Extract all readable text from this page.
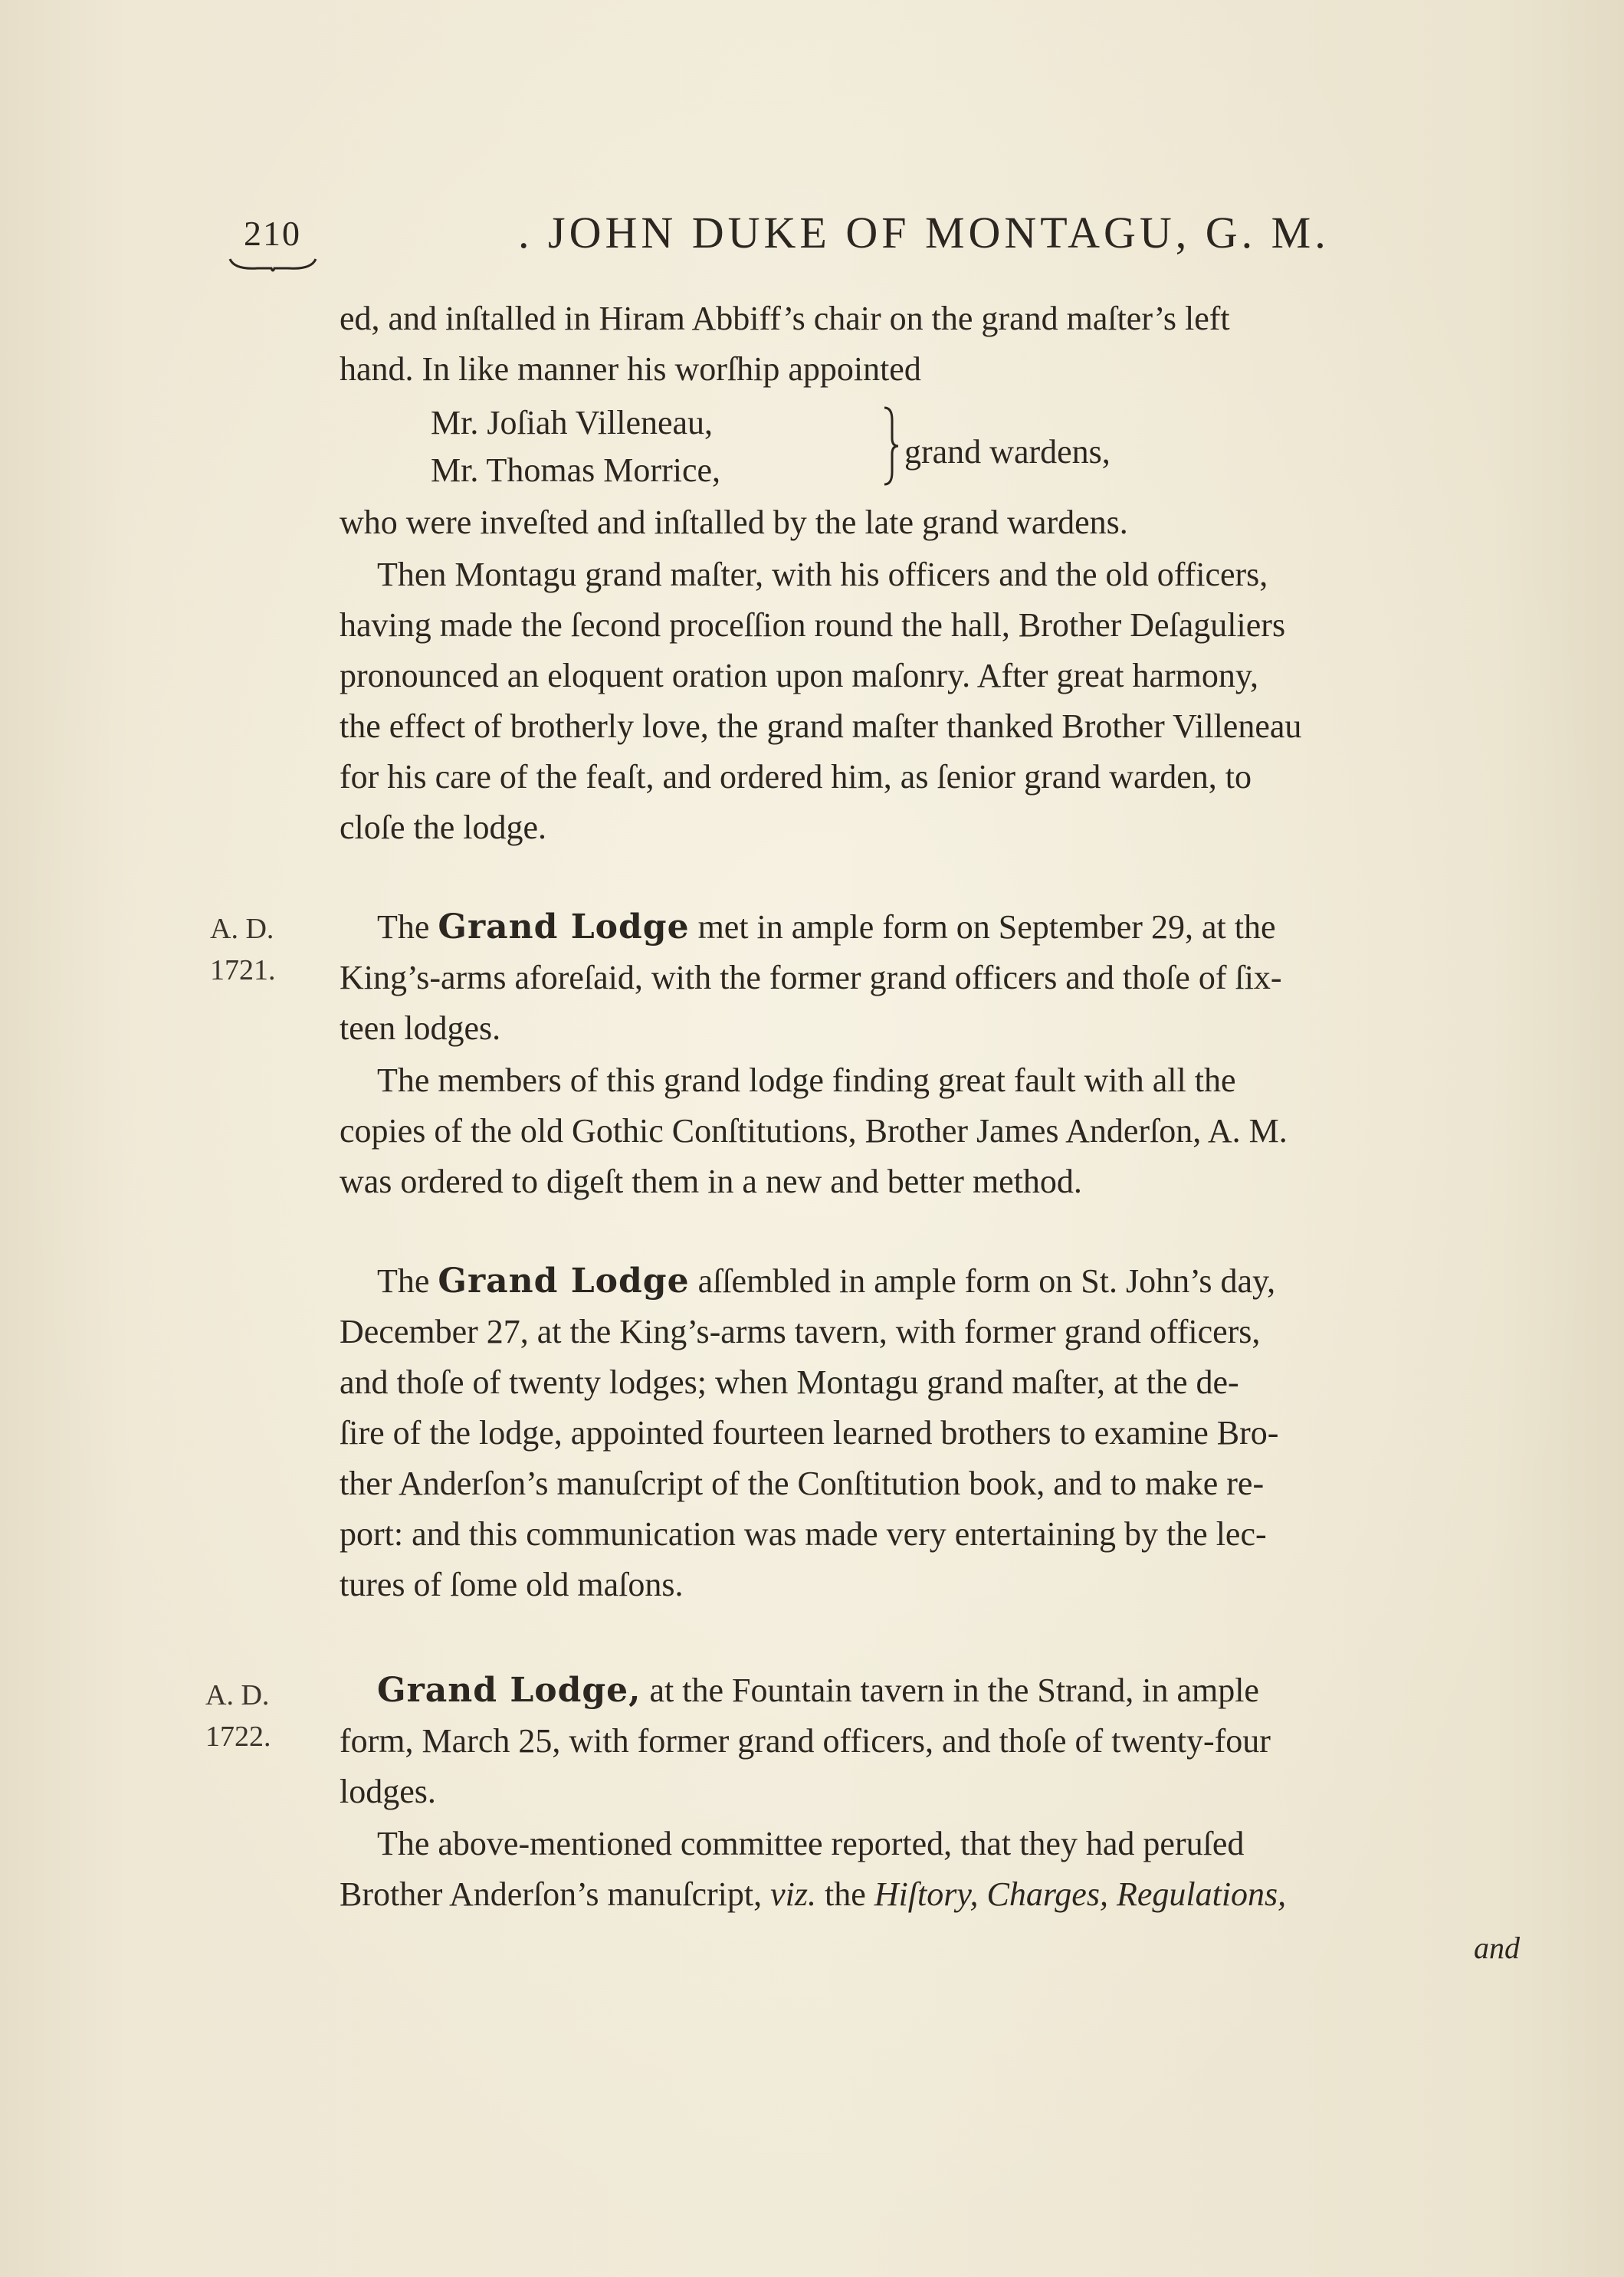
210	. JOHN DUKE OF MONTAGU, G. M.
ed, and inſtalled in Hiram Abbiff’s chair on the grand maſter’s left
hand. In like manner his worſhip appointed
Mr. Joſiah Villeneau,
Mr. Thomas Morrice,	grand wardens,
who were inveſted and inſtalled by the late grand wardens.
Then Montagu grand maſter, with his officers and the old officers,
having made the ſecond proceſſion round the hall, Brother Deſaguliers
pronounced an eloquent oration upon maſonry. After great harmony,
the effect of brotherly love, the grand maſter thanked Brother Villeneau
for his care of the feaſt, and ordered him, as ſenior grand warden, to
cloſe the lodge.
A. D.
1721.
The Grand Lodge met in ample form on September 29, at the
King’s-arms aforeſaid, with the former grand officers and thoſe of ſix-
teen lodges.
The members of this grand lodge finding great fault with all the
copies of the old Gothic Conſtitutions, Brother James Anderſon, A. M.
was ordered to digeſt them in a new and better method.
The Grand Lodge aſſembled in ample form on St. John’s day,
December 27, at the King’s-arms tavern, with former grand officers,
and thoſe of twenty lodges; when Montagu grand maſter, at the de-
ſire of the lodge, appointed fourteen learned brothers to examine Bro-
ther Anderſon’s manuſcript of the Conſtitution book, and to make re-
port: and this communication was made very entertaining by the lec-
tures of ſome old maſons.
A. D.
1722.
Grand Lodge, at the Fountain tavern in the Strand, in ample
form, March 25, with former grand officers, and thoſe of twenty-four
lodges.
The above-mentioned committee reported, that they had peruſed
Brother Anderſon’s manuſcript, viz. the Hiſtory, Charges, Regulations,
and
